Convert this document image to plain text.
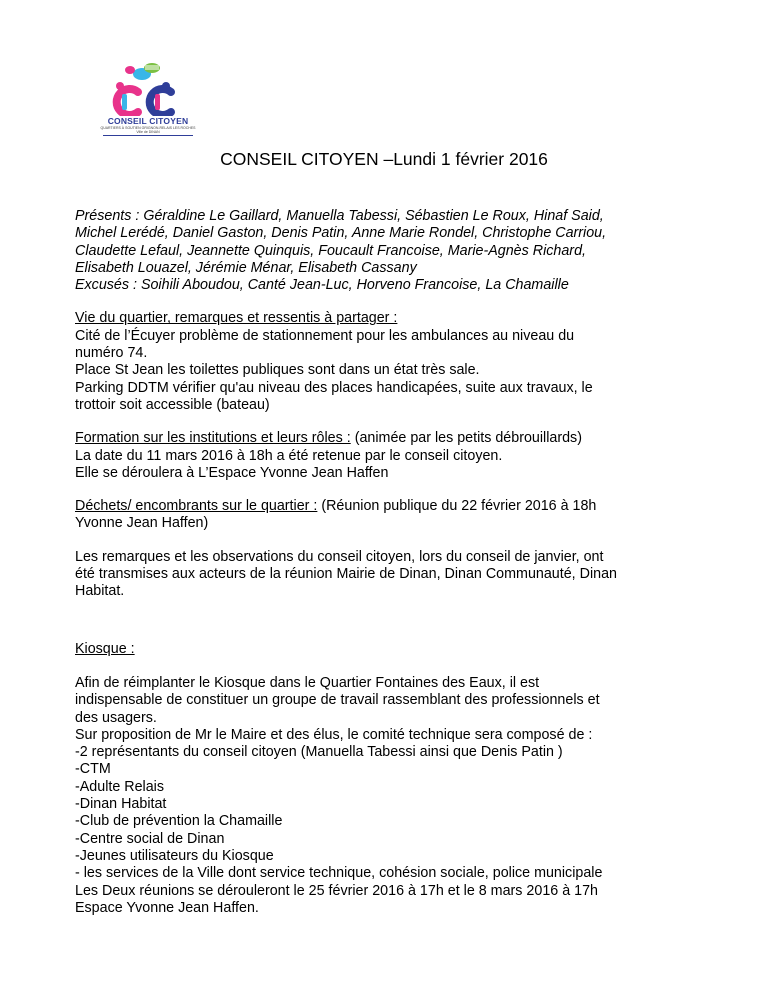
CONSEIL CITOYEN
QUARTIERS À SOUTIEN GRIGNON-RELAIS LES ROCHES
Ville de DINAN
CONSEIL CITOYEN –Lundi 1 février 2016
Présents : Géraldine Le Gaillard, Manuella Tabessi, Sébastien Le Roux, Hinaf Said,
Michel Lerédé, Daniel Gaston, Denis Patin, Anne Marie Rondel, Christophe Carriou,
Claudette Lefaul, Jeannette Quinquis, Foucault Francoise, Marie-Agnès Richard,
Elisabeth Louazel, Jérémie Ménar, Elisabeth Cassany
Excusés : Soihili Aboudou, Canté Jean-Luc, Horveno Francoise, La Chamaille
Vie du quartier, remarques et ressentis à partager :
Cité de l’Écuyer problème de stationnement pour les ambulances au niveau du
numéro 74.
Place St Jean les toilettes publiques sont dans un état très sale.
Parking DDTM vérifier qu'au niveau des places handicapées, suite aux travaux, le
trottoir soit accessible (bateau)
Formation sur les institutions et leurs rôles : (animée par les petits débrouillards)
La date du 11 mars 2016 à 18h a été retenue par le conseil citoyen.
Elle se déroulera à L’Espace Yvonne Jean Haffen
Déchets/ encombrants sur le quartier : (Réunion publique du 22 février 2016 à 18h
Yvonne Jean Haffen)
Les remarques et les observations du conseil citoyen, lors du conseil de janvier, ont
été transmises aux acteurs de la réunion Mairie de Dinan, Dinan Communauté, Dinan
Habitat.
Kiosque :
Afin de réimplanter le Kiosque dans le Quartier Fontaines des Eaux, il est
indispensable de constituer un groupe de travail rassemblant des professionnels et
des usagers.
Sur proposition de Mr le Maire et des élus, le comité technique sera composé de :
-2 représentants du conseil citoyen (Manuella Tabessi ainsi que Denis Patin )
-CTM
-Adulte Relais
-Dinan Habitat
-Club de prévention la Chamaille
-Centre social de Dinan
-Jeunes utilisateurs du Kiosque
- les services de la Ville dont service technique, cohésion sociale, police municipale
Les Deux réunions se dérouleront le 25 février 2016 à 17h et le 8 mars 2016 à 17h
Espace Yvonne Jean Haffen.
